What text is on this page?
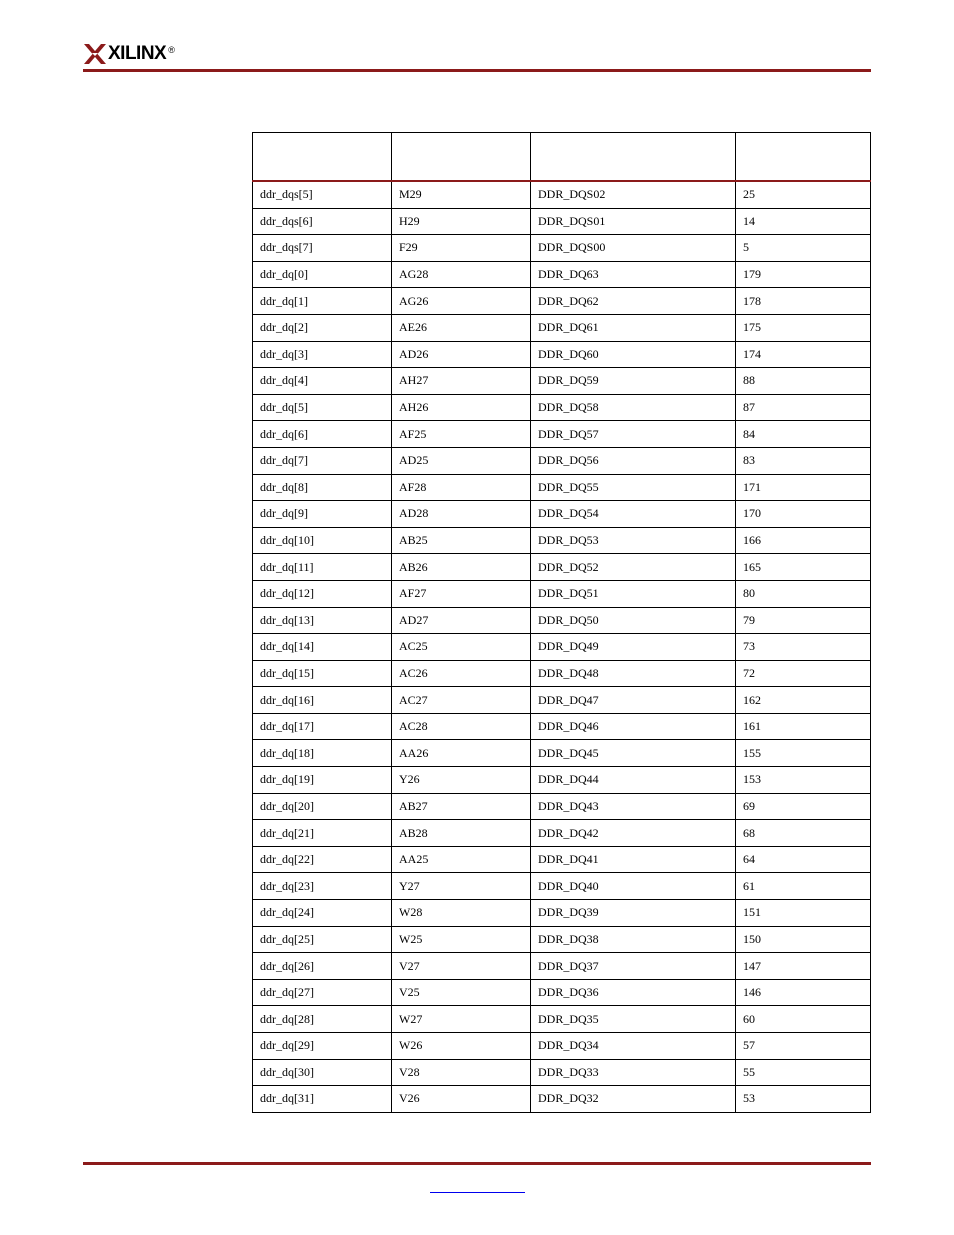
XILINX ®

ddr_dqs[5]	M29	DDR_DQS02	25
ddr_dqs[6]	H29	DDR_DQS01	14
ddr_dqs[7]	F29	DDR_DQS00	5
ddr_dq[0]	AG28	DDR_DQ63	179
ddr_dq[1]	AG26	DDR_DQ62	178
ddr_dq[2]	AE26	DDR_DQ61	175
ddr_dq[3]	AD26	DDR_DQ60	174
ddr_dq[4]	AH27	DDR_DQ59	88
ddr_dq[5]	AH26	DDR_DQ58	87
ddr_dq[6]	AF25	DDR_DQ57	84
ddr_dq[7]	AD25	DDR_DQ56	83
ddr_dq[8]	AF28	DDR_DQ55	171
ddr_dq[9]	AD28	DDR_DQ54	170
ddr_dq[10]	AB25	DDR_DQ53	166
ddr_dq[11]	AB26	DDR_DQ52	165
ddr_dq[12]	AF27	DDR_DQ51	80
ddr_dq[13]	AD27	DDR_DQ50	79
ddr_dq[14]	AC25	DDR_DQ49	73
ddr_dq[15]	AC26	DDR_DQ48	72
ddr_dq[16]	AC27	DDR_DQ47	162
ddr_dq[17]	AC28	DDR_DQ46	161
ddr_dq[18]	AA26	DDR_DQ45	155
ddr_dq[19]	Y26	DDR_DQ44	153
ddr_dq[20]	AB27	DDR_DQ43	69
ddr_dq[21]	AB28	DDR_DQ42	68
ddr_dq[22]	AA25	DDR_DQ41	64
ddr_dq[23]	Y27	DDR_DQ40	61
ddr_dq[24]	W28	DDR_DQ39	151
ddr_dq[25]	W25	DDR_DQ38	150
ddr_dq[26]	V27	DDR_DQ37	147
ddr_dq[27]	V25	DDR_DQ36	146
ddr_dq[28]	W27	DDR_DQ35	60
ddr_dq[29]	W26	DDR_DQ34	57
ddr_dq[30]	V28	DDR_DQ33	55
ddr_dq[31]	V26	DDR_DQ32	53
